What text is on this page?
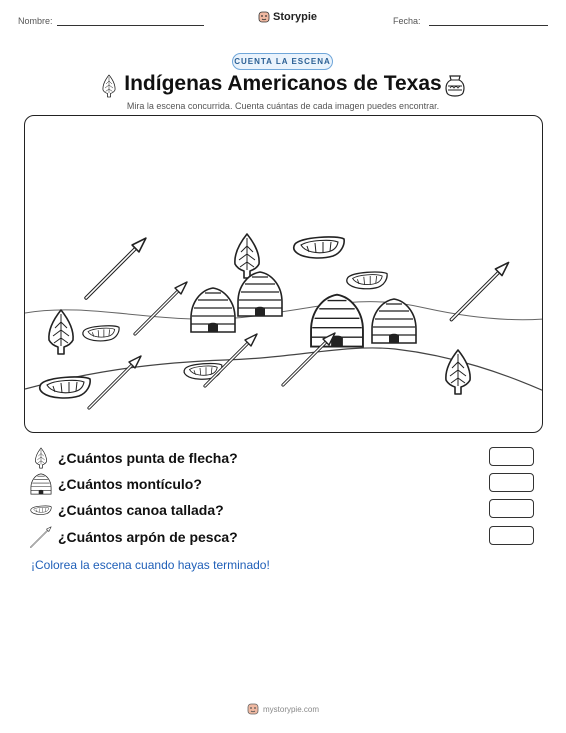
Nombre:	Storypie	Fecha:
CUENTA LA ESCENA
Indígenas Americanos de Texas
Mira la escena concurrida. Cuenta cuántas de cada imagen puedes encontrar.
¿Cuántos punta de flecha?
¿Cuántos montículo?
¿Cuántos canoa tallada?
¿Cuántos arpón de pesca?
¡Colorea la escena cuando hayas terminado!
mystorypie.com
